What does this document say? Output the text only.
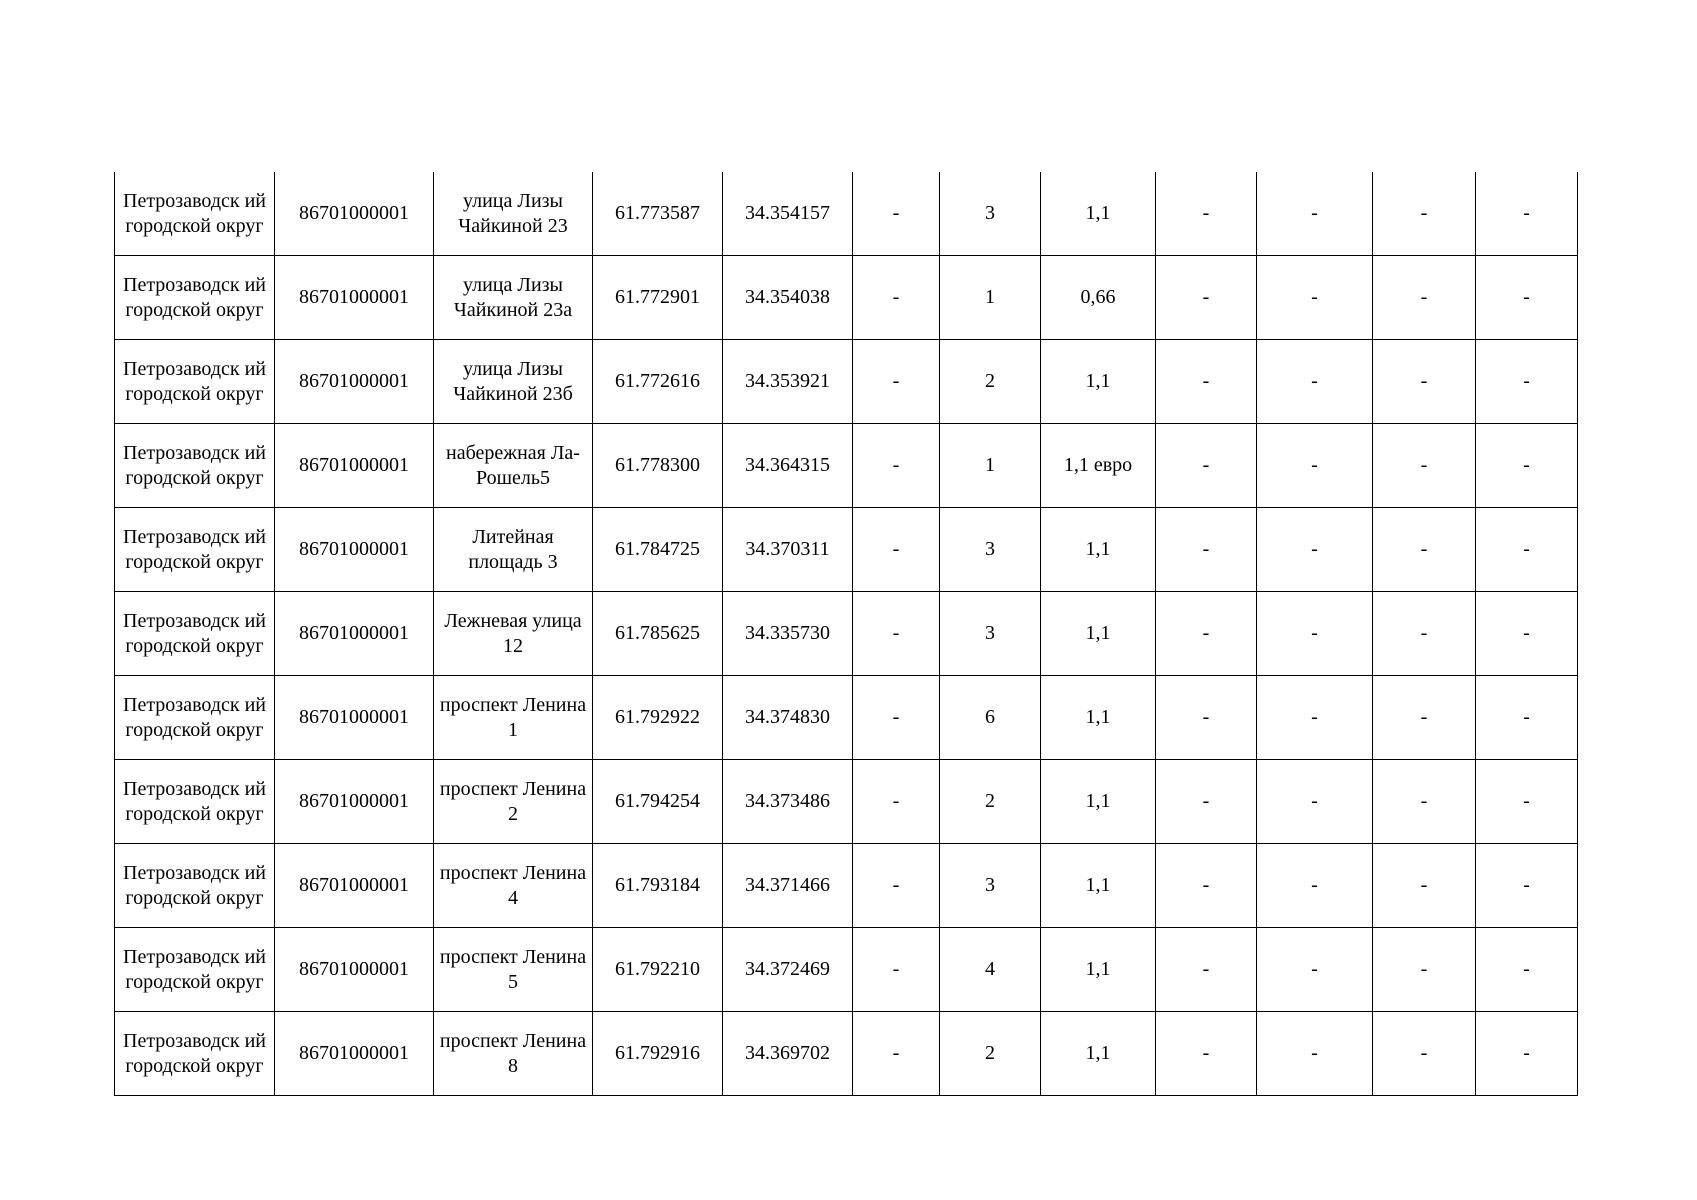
Петрозаводск ий городской округ	86701000001	улица Лизы Чайкиной 23	61.773587	34.354157	-	3	1,1	-	-	-	-
Петрозаводск ий городской округ	86701000001	улица Лизы Чайкиной 23а	61.772901	34.354038	-	1	0,66	-	-	-	-
Петрозаводск ий городской округ	86701000001	улица Лизы Чайкиной 23б	61.772616	34.353921	-	2	1,1	-	-	-	-
Петрозаводск ий городской округ	86701000001	набережная Ла-Рошель5	61.778300	34.364315	-	1	1,1 евро	-	-	-	-
Петрозаводск ий городской округ	86701000001	Литейная площадь 3	61.784725	34.370311	-	3	1,1	-	-	-	-
Петрозаводск ий городской округ	86701000001	Лежневая улица 12	61.785625	34.335730	-	3	1,1	-	-	-	-
Петрозаводск ий городской округ	86701000001	проспект Ленина 1	61.792922	34.374830	-	6	1,1	-	-	-	-
Петрозаводск ий городской округ	86701000001	проспект Ленина 2	61.794254	34.373486	-	2	1,1	-	-	-	-
Петрозаводск ий городской округ	86701000001	проспект Ленина 4	61.793184	34.371466	-	3	1,1	-	-	-	-
Петрозаводск ий городской округ	86701000001	проспект Ленина 5	61.792210	34.372469	-	4	1,1	-	-	-	-
Петрозаводск ий городской округ	86701000001	проспект Ленина 8	61.792916	34.369702	-	2	1,1	-	-	-	-
